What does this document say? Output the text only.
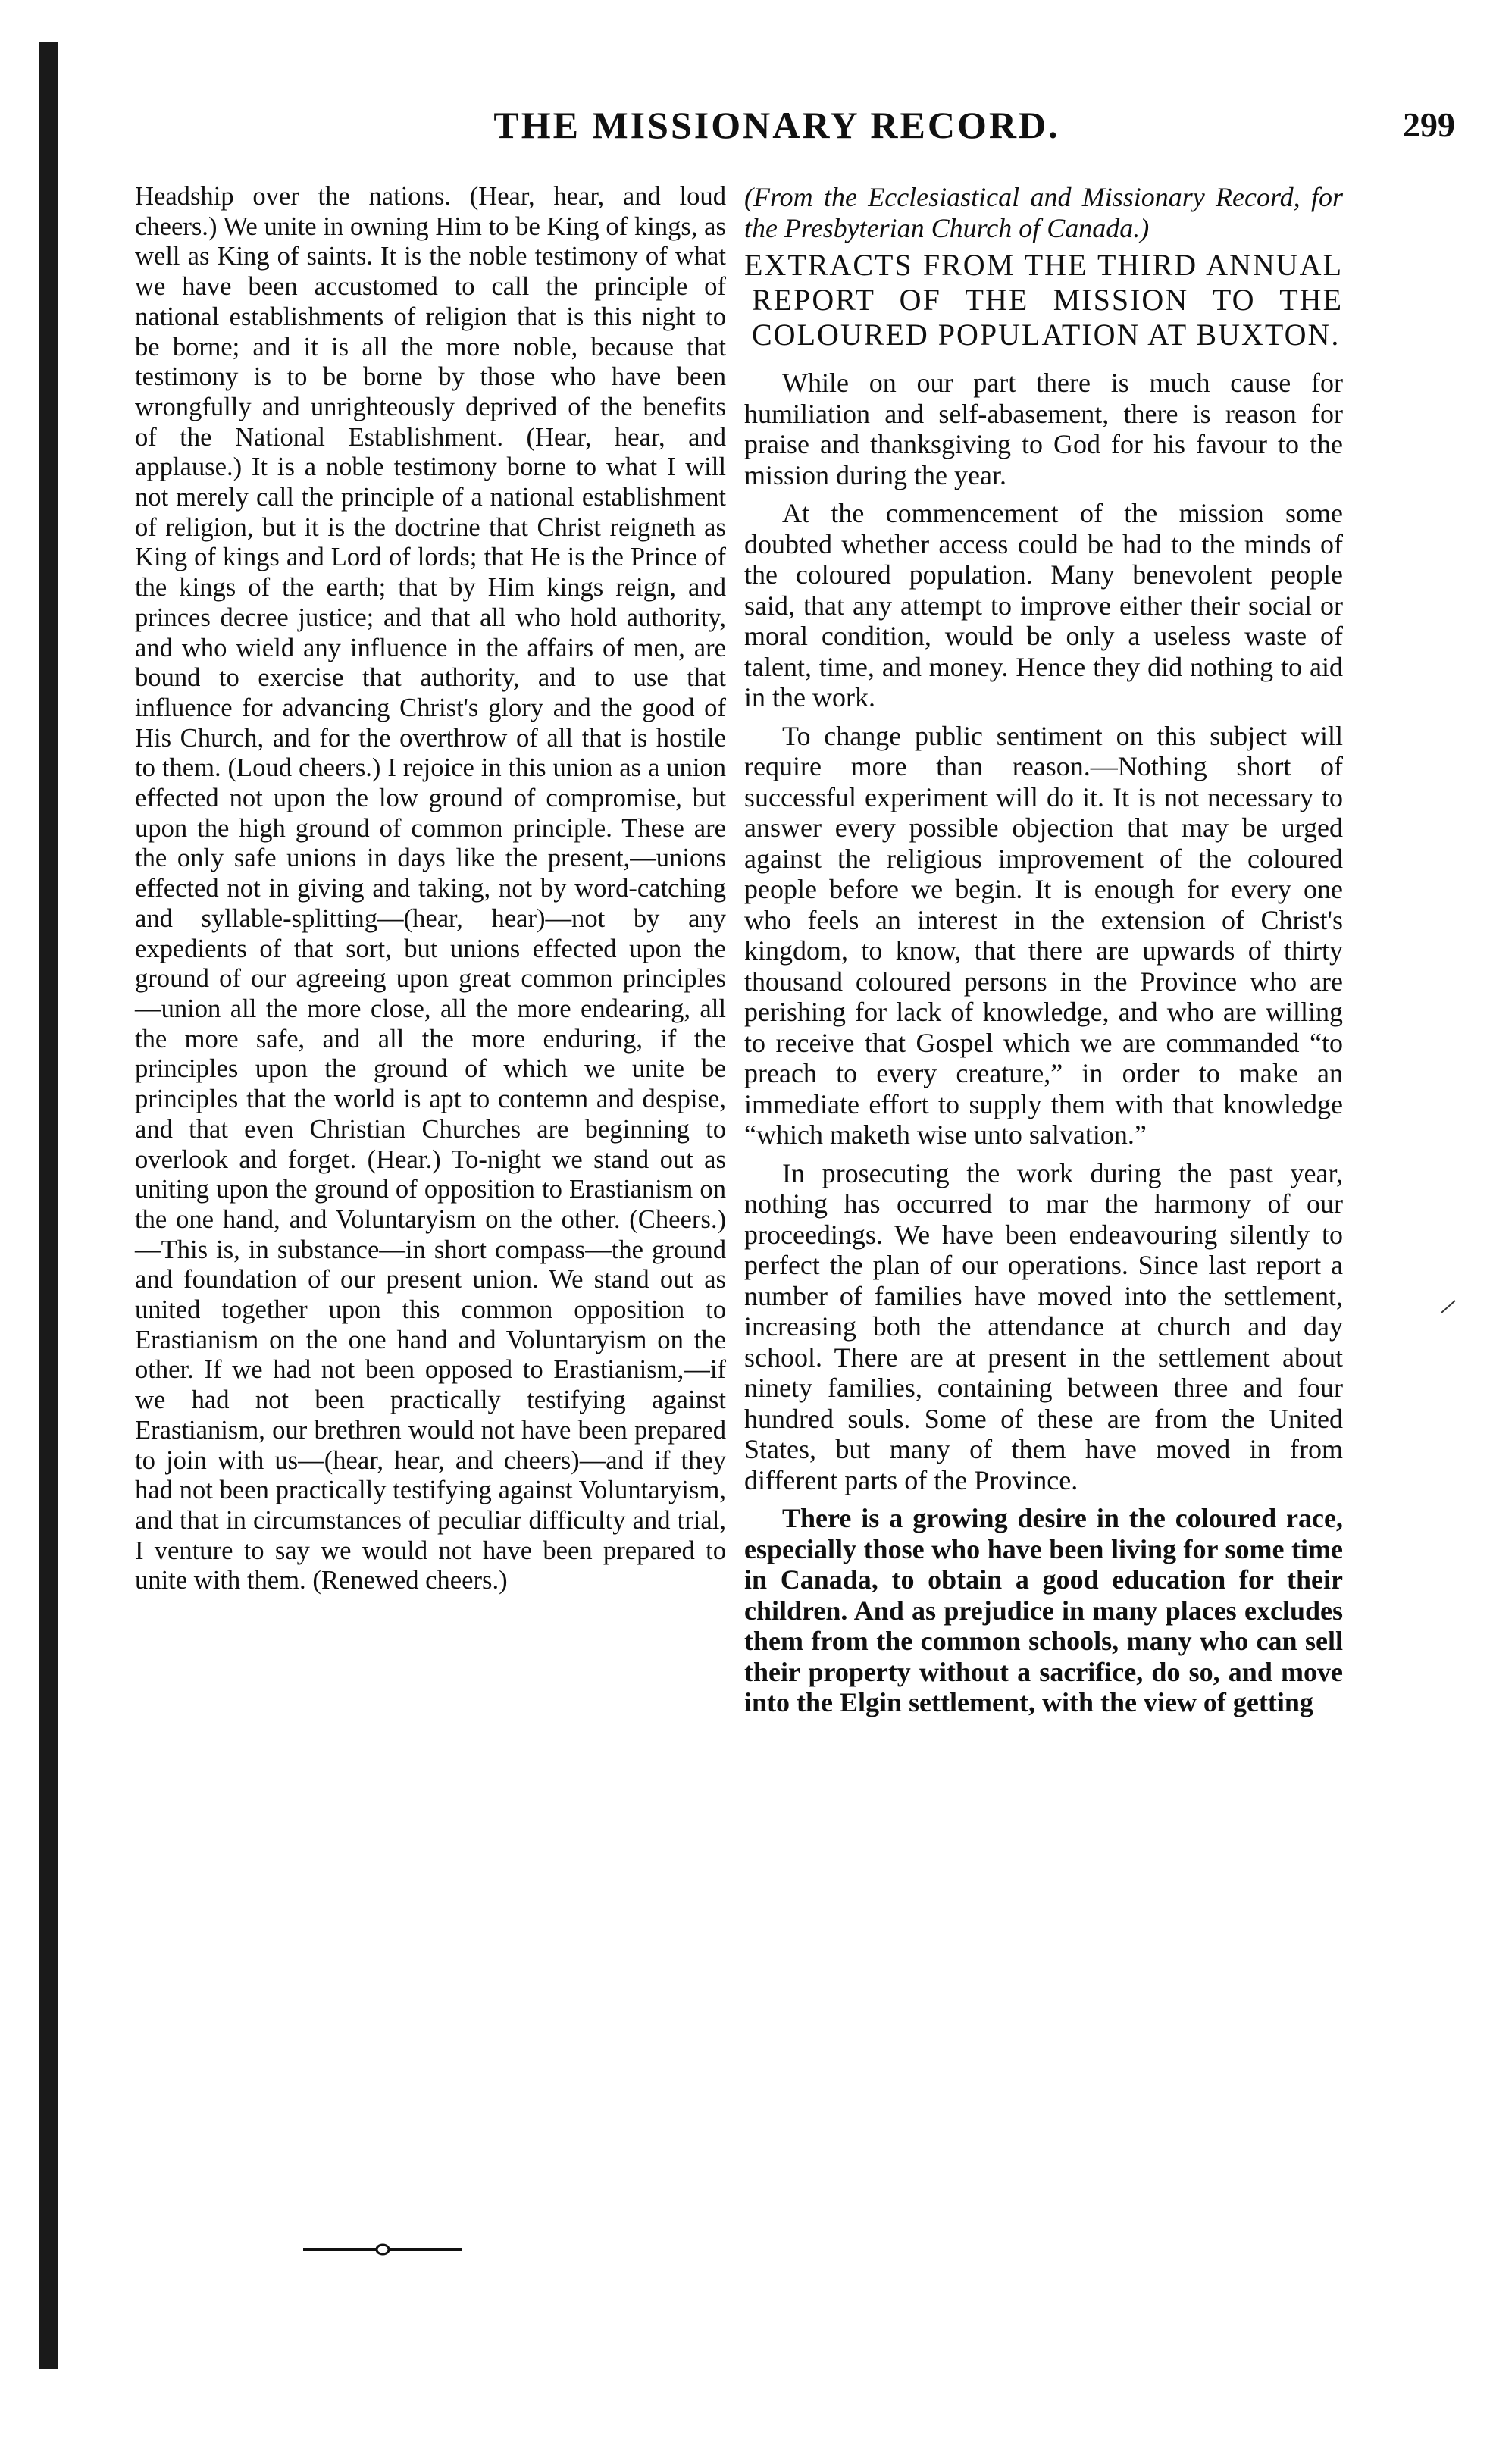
THE MISSIONARY RECORD.	299

Headship over the nations. (Hear, hear, and loud cheers.) We unite in owning Him to be King of kings, as well as King of saints. It is the noble testimony of what we have been accustomed to call the principle of national establishments of religion that is this night to be borne; and it is all the more noble, because that testimony is to be borne by those who have been wrongfully and unrighteously deprived of the benefits of the National Establishment. (Hear, hear, and applause.) It is a noble testimony borne to what I will not merely call the principle of a national establishment of religion, but it is the doctrine that Christ reigneth as King of kings and Lord of lords; that He is the Prince of the kings of the earth; that by Him kings reign, and princes decree justice; and that all who hold authority, and who wield any influence in the affairs of men, are bound to exercise that authority, and to use that influence for advancing Christ's glory and the good of His Church, and for the overthrow of all that is hostile to them. (Loud cheers.) I rejoice in this union as a union effected not upon the low ground of compromise, but upon the high ground of common principle. These are the only safe unions in days like the present,—unions effected not in giving and taking, not by word-catching and syllable-splitting—(hear, hear)—not by any expedients of that sort, but unions effected upon the ground of our agreeing upon great common principles—union all the more close, all the more endearing, all the more safe, and all the more enduring, if the principles upon the ground of which we unite be principles that the world is apt to contemn and despise, and that even Christian Churches are beginning to overlook and forget. (Hear.) To-night we stand out as uniting upon the ground of opposition to Erastianism on the one hand, and Voluntaryism on the other. (Cheers.)—This is, in substance—in short compass—the ground and foundation of our present union. We stand out as united together upon this common opposition to Erastianism on the one hand and Voluntaryism on the other. If we had not been opposed to Erastianism,—if we had not been practically testifying against Erastianism, our brethren would not have been prepared to join with us—(hear, hear, and cheers)—and if they had not been practically testifying against Voluntaryism, and that in circumstances of peculiar difficulty and trial, I venture to say we would not have been prepared to unite with them. (Renewed cheers.)

(From the Ecclesiastical and Missionary Record, for the Presbyterian Church of Canada.)

EXTRACTS FROM THE THIRD ANNUAL REPORT OF THE MISSION TO THE COLOURED POPULATION AT BUXTON.

While on our part there is much cause for humiliation and self-abasement, there is reason for praise and thanksgiving to God for his favour to the mission during the year.

At the commencement of the mission some doubted whether access could be had to the minds of the coloured population. Many benevolent people said, that any attempt to improve either their social or moral condition, would be only a useless waste of talent, time, and money. Hence they did nothing to aid in the work.

To change public sentiment on this subject will require more than reason.—Nothing short of successful experiment will do it. It is not necessary to answer every possible objection that may be urged against the religious improvement of the coloured people before we begin. It is enough for every one who feels an interest in the extension of Christ's kingdom, to know, that there are upwards of thirty thousand coloured persons in the Province who are perishing for lack of knowledge, and who are willing to receive that Gospel which we are commanded “to preach to every creature,” in order to make an immediate effort to supply them with that knowledge “which maketh wise unto salvation.”

In prosecuting the work during the past year, nothing has occurred to mar the harmony of our proceedings. We have been endeavouring silently to perfect the plan of our operations. Since last report a number of families have moved into the settlement, increasing both the attendance at church and day school. There are at present in the settlement about ninety families, containing between three and four hundred souls. Some of these are from the United States, but many of them have moved in from different parts of the Province.

There is a growing desire in the coloured race, especially those who have been living for some time in Canada, to obtain a good education for their children. And as prejudice in many places excludes them from the common schools, many who can sell their property without a sacrifice, do so, and move into the Elgin settlement, with the view of getting
